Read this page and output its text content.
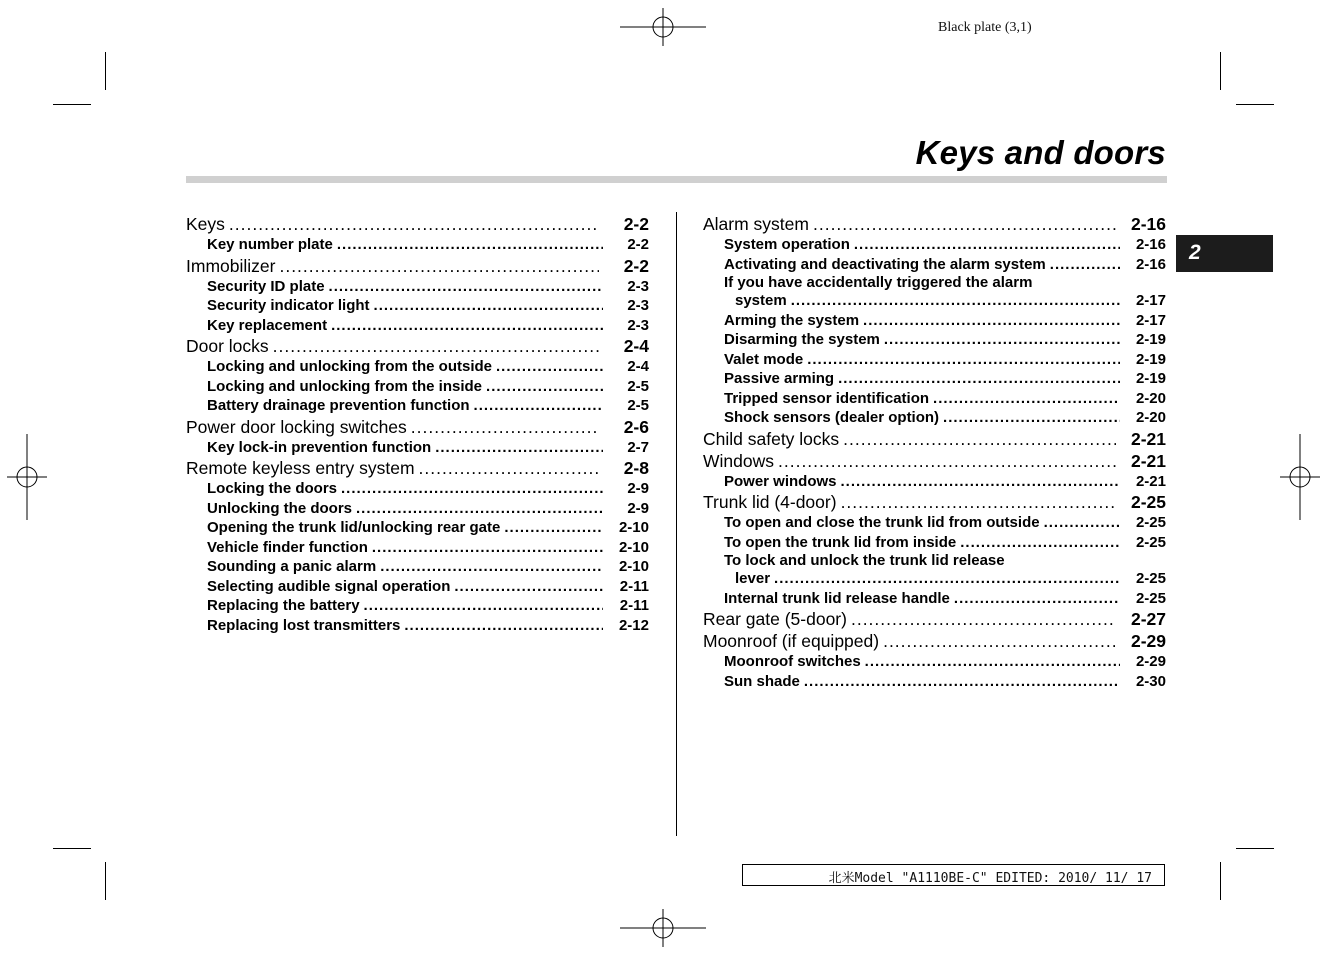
Black plate (3,1)
Keys and doors
2
Keys .....	2-2
Key number plate .....	2-2
Immobilizer .....	2-2
Security ID plate .....	2-3
Security indicator light .....	2-3
Key replacement .....	2-3
Door locks .....	2-4
Locking and unlocking from the outside .....	2-4
Locking and unlocking from the inside .....	2-5
Battery drainage prevention function .....	2-5
Power door locking switches .....	2-6
Key lock-in prevention function .....	2-7
Remote keyless entry system .....	2-8
Locking the doors .....	2-9
Unlocking the doors .....	2-9
Opening the trunk lid/unlocking rear gate .....	2-10
Vehicle finder function .....	2-10
Sounding a panic alarm .....	2-10
Selecting audible signal operation .....	2-11
Replacing the battery .....	2-11
Replacing lost transmitters .....	2-12
Alarm system .....	2-16
System operation .....	2-16
Activating and deactivating the alarm system .....	2-16
If you have accidentally triggered the alarm
system .....	2-17
Arming the system .....	2-17
Disarming the system .....	2-19
Valet mode .....	2-19
Passive arming .....	2-19
Tripped sensor identification .....	2-20
Shock sensors (dealer option) .....	2-20
Child safety locks .....	2-21
Windows .....	2-21
Power windows .....	2-21
Trunk lid (4-door) .....	2-25
To open and close the trunk lid from outside .....	2-25
To open the trunk lid from inside .....	2-25
To lock and unlock the trunk lid release
lever .....	2-25
Internal trunk lid release handle .....	2-25
Rear gate (5-door) .....	2-27
Moonroof (if equipped) .....	2-29
Moonroof switches .....	2-29
Sun shade .....	2-30
北米Model "A1110BE-C" EDITED: 2010/ 11/ 17
